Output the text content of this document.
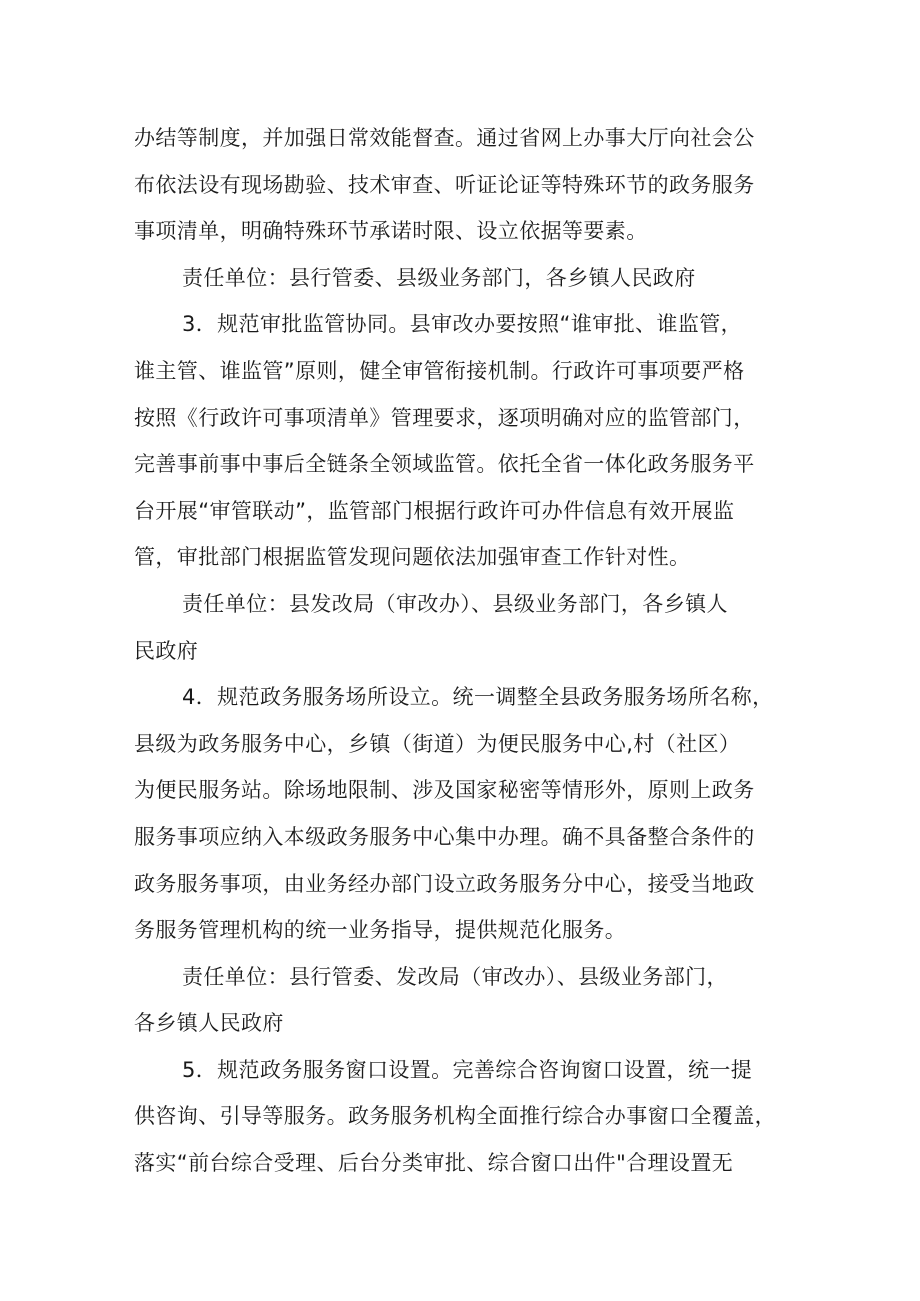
办结等制度，并加强日常效能督查。通过省网上办事大厅向社会公
布依法设有现场勘验、技术审查、听证论证等特殊环节的政务服务
事项清单，明确特殊环节承诺时限、设立依据等要素。
责任单位：县行管委、县级业务部门，各乡镇人民政府
3．规范审批监管协同。县审改办要按照“谁审批、谁监管，
谁主管、谁监管”原则，健全审管衔接机制。行政许可事项要严格
按照《行政许可事项清单》管理要求，逐项明确对应的监管部门，
完善事前事中事后全链条全领域监管。依托全省一体化政务服务平
台开展“审管联动”，监管部门根据行政许可办件信息有效开展监
管，审批部门根据监管发现问题依法加强审查工作针对性。
责任单位：县发改局（审改办）、县级业务部门，各乡镇人
民政府
4．规范政务服务场所设立。统一调整全县政务服务场所名称，
县级为政务服务中心，乡镇（街道）为便民服务中心,村（社区）
为便民服务站。除场地限制、涉及国家秘密等情形外，原则上政务
服务事项应纳入本级政务服务中心集中办理。确不具备整合条件的
政务服务事项，由业务经办部门设立政务服务分中心，接受当地政
务服务管理机构的统一业务指导，提供规范化服务。
责任单位：县行管委、发改局（审改办）、县级业务部门，
各乡镇人民政府
5．规范政务服务窗口设置。完善综合咨询窗口设置，统一提
供咨询、引导等服务。政务服务机构全面推行综合办事窗口全覆盖，
落实“前台综合受理、后台分类审批、综合窗口出件"合理设置无
